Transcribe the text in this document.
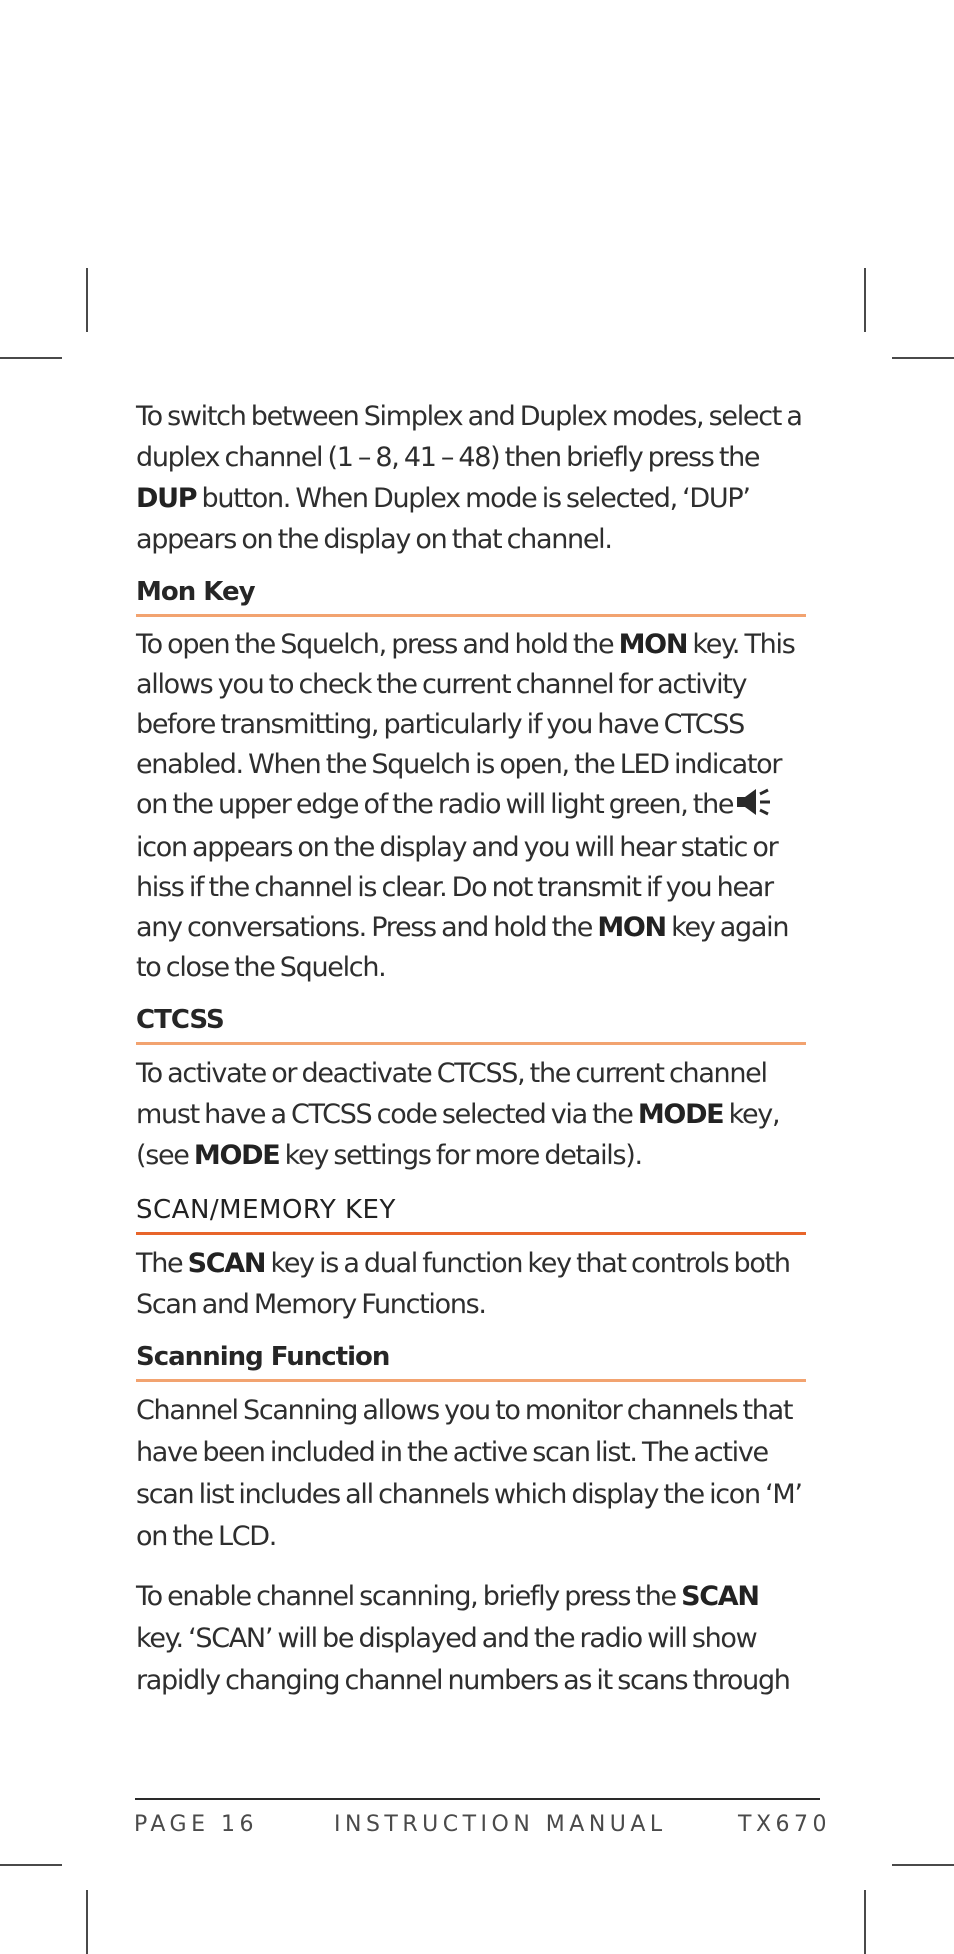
To switch between Simplex and Duplex modes, select a duplex channel (1 – 8, 41 – 48) then briefly press the DUP button. When Duplex mode is selected, ‘DUP’ appears on the display on that channel.

Mon Key

To open the Squelch, press and hold the MON key. This allows you to check the current channel for activity before transmitting, particularly if you have CTCSS enabled. When the Squelch is open, the LED indicator on the upper edge of the radio will light green, theicon appears on the display and you will hear static or hiss if the channel is clear. Do not transmit if you hear any conversations. Press and hold the MON key again to close the Squelch.

CTCSS

To activate or deactivate CTCSS, the current channel must have a CTCSS code selected via the MODE key, (see MODE key settings for more details).

SCAN/MEMORY KEY

The SCAN key is a dual function key that controls both Scan and Memory Functions.

Scanning Function

Channel Scanning allows you to monitor channels that have been included in the active scan list. The active scan list includes all channels which display the icon ‘M’ on the LCD.

To enable channel scanning, briefly press the SCAN key. ‘SCAN’ will be displayed and the radio will show rapidly changing channel numbers as it scans through

PAGE 16	INSTRUCTION MANUAL	TX670
